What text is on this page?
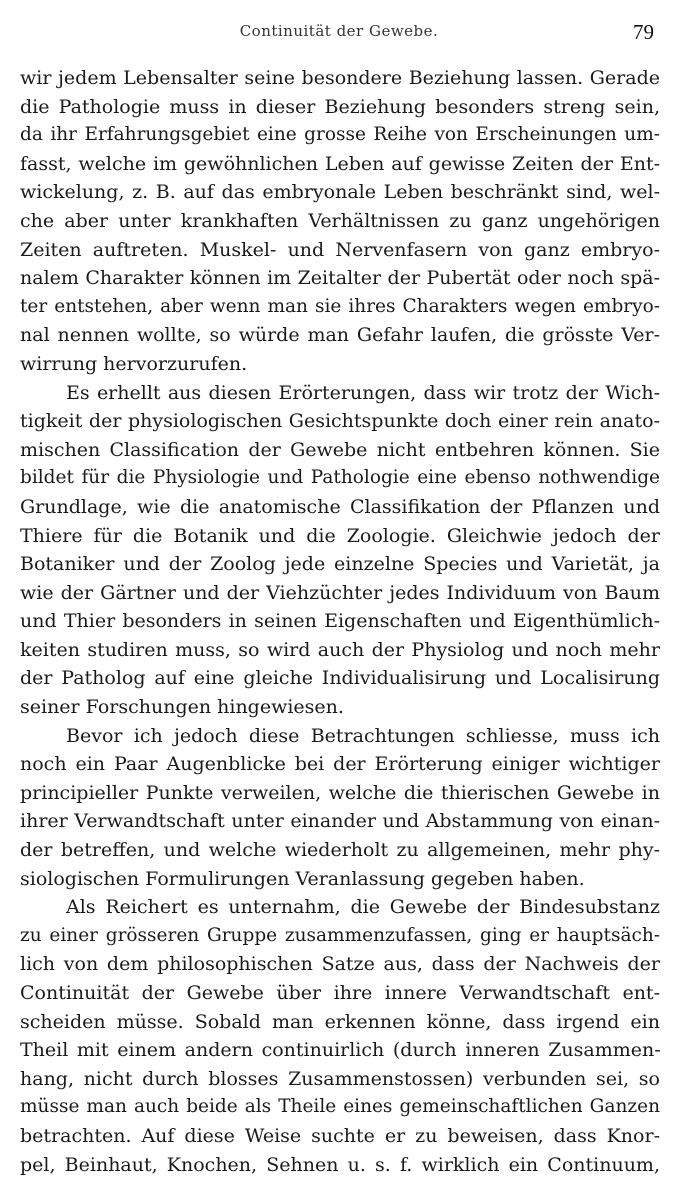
Continuität der Gewebe.	79
wir jedem Lebensalter seine besondere Beziehung lassen. Gerade
die Pathologie muss in dieser Beziehung besonders streng sein,
da ihr Erfahrungsgebiet eine grosse Reihe von Erscheinungen um-
fasst, welche im gewöhnlichen Leben auf gewisse Zeiten der Ent-
wickelung, z. B. auf das embryonale Leben beschränkt sind, wel-
che aber unter krankhaften Verhältnissen zu ganz ungehörigen
Zeiten auftreten. Muskel- und Nervenfasern von ganz embryo-
nalem Charakter können im Zeitalter der Pubertät oder noch spä-
ter entstehen, aber wenn man sie ihres Charakters wegen embryo-
nal nennen wollte, so würde man Gefahr laufen, die grösste Ver-
wirrung hervorzurufen.
Es erhellt aus diesen Erörterungen, dass wir trotz der Wich-
tigkeit der physiologischen Gesichtspunkte doch einer rein anato-
mischen Classification der Gewebe nicht entbehren können. Sie
bildet für die Physiologie und Pathologie eine ebenso nothwendige
Grundlage, wie die anatomische Classifikation der Pflanzen und
Thiere für die Botanik und die Zoologie. Gleichwie jedoch der
Botaniker und der Zoolog jede einzelne Species und Varietät, ja
wie der Gärtner und der Viehzüchter jedes Individuum von Baum
und Thier besonders in seinen Eigenschaften und Eigenthümlich-
keiten studiren muss, so wird auch der Physiolog und noch mehr
der Patholog auf eine gleiche Individualisirung und Localisirung
seiner Forschungen hingewiesen.
Bevor ich jedoch diese Betrachtungen schliesse, muss ich
noch ein Paar Augenblicke bei der Erörterung einiger wichtiger
principieller Punkte verweilen, welche die thierischen Gewebe in
ihrer Verwandtschaft unter einander und Abstammung von einan-
der betreffen, und welche wiederholt zu allgemeinen, mehr phy-
siologischen Formulirungen Veranlassung gegeben haben.
Als Reichert es unternahm, die Gewebe der Bindesubstanz
zu einer grösseren Gruppe zusammenzufassen, ging er hauptsäch-
lich von dem philosophischen Satze aus, dass der Nachweis der
Continuität der Gewebe über ihre innere Verwandtschaft ent-
scheiden müsse. Sobald man erkennen könne, dass irgend ein
Theil mit einem andern continuirlich (durch inneren Zusammen-
hang, nicht durch blosses Zusammenstossen) verbunden sei, so
müsse man auch beide als Theile eines gemeinschaftlichen Ganzen
betrachten. Auf diese Weise suchte er zu beweisen, dass Knor-
pel, Beinhaut, Knochen, Sehnen u. s. f. wirklich ein Continuum,
